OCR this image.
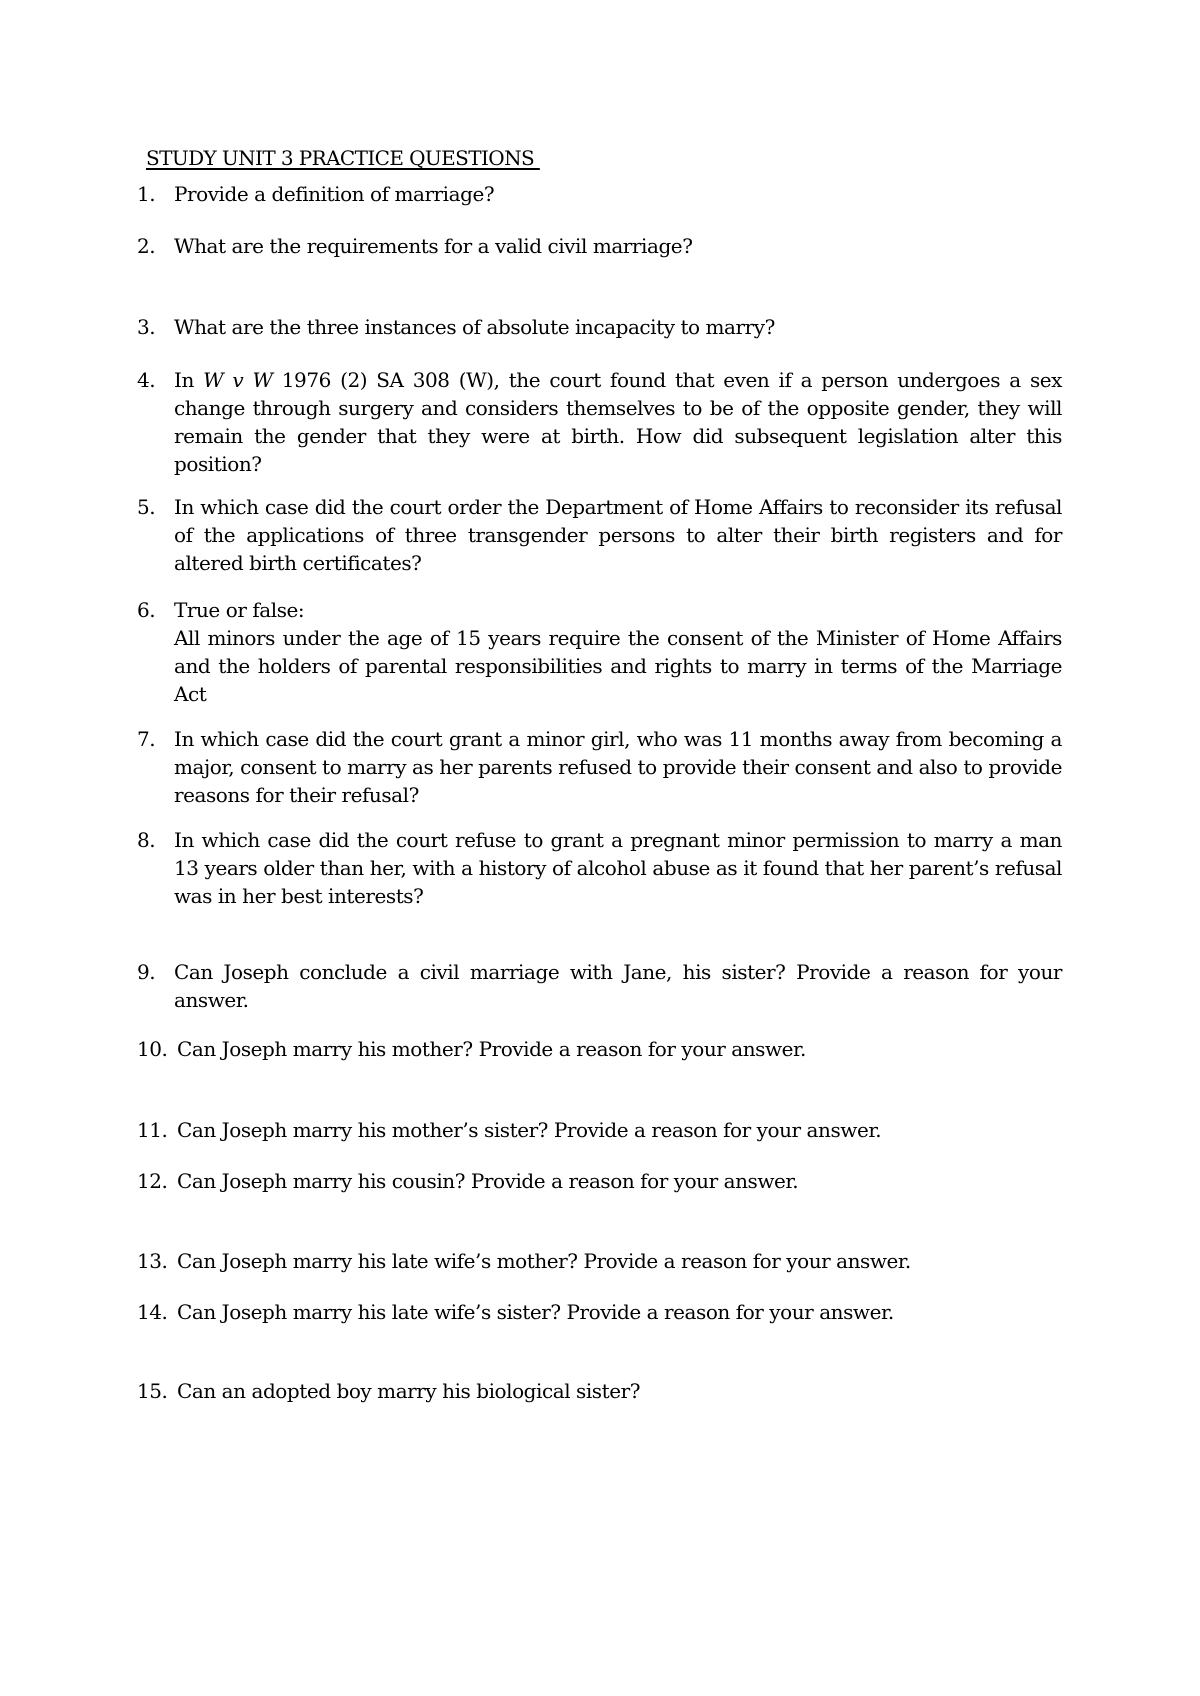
STUDY UNIT 3 PRACTICE QUESTIONS
1. Provide a definition of marriage?
2. What are the requirements for a valid civil marriage?
3. What are the three instances of absolute incapacity to marry?
4. In W v W 1976 (2) SA 308 (W), the court found that even if a person undergoes a sex change through surgery and considers themselves to be of the opposite gender, they will remain the gender that they were at birth. How did subsequent legislation alter this position?
5. In which case did the court order the Department of Home Affairs to reconsider its refusal of the applications of three transgender persons to alter their birth registers and for altered birth certificates?
6. True or false:
All minors under the age of 15 years require the consent of the Minister of Home Affairs and the holders of parental responsibilities and rights to marry in terms of the Marriage Act
7. In which case did the court grant a minor girl, who was 11 months away from becoming a major, consent to marry as her parents refused to provide their consent and also to provide reasons for their refusal?
8. In which case did the court refuse to grant a pregnant minor permission to marry a man 13 years older than her, with a history of alcohol abuse as it found that her parent’s refusal was in her best interests?
9. Can Joseph conclude a civil marriage with Jane, his sister? Provide a reason for your answer.
10. Can Joseph marry his mother? Provide a reason for your answer.
11. Can Joseph marry his mother’s sister? Provide a reason for your answer.
12. Can Joseph marry his cousin? Provide a reason for your answer.
13. Can Joseph marry his late wife’s mother? Provide a reason for your answer.
14. Can Joseph marry his late wife’s sister? Provide a reason for your answer.
15. Can an adopted boy marry his biological sister?
